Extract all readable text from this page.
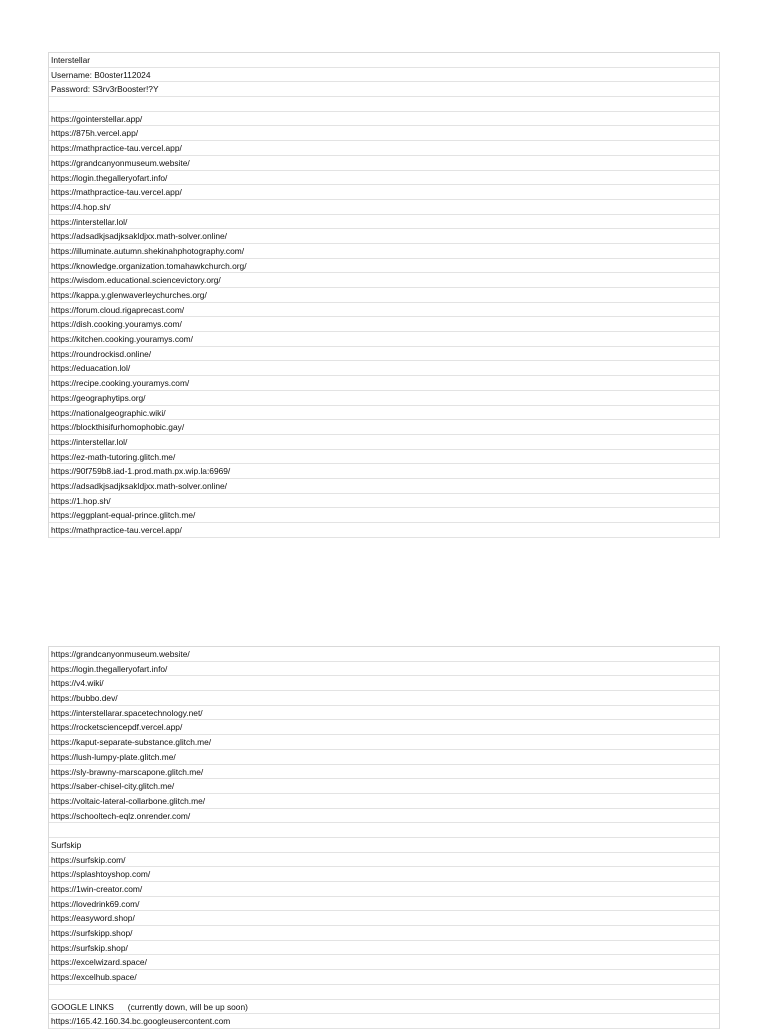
Interstellar
Username: B0oster112024
Password: S3rv3rBooster!?Y
https://gointerstellar.app/
https://875h.vercel.app/
https://mathpractice-tau.vercel.app/
https://grandcanyonmuseum.website/
https://login.thegalleryofart.info/
https://mathpractice-tau.vercel.app/
https://4.hop.sh/
https://interstellar.lol/
https://adsadkjsadjksakldjxx.math-solver.online/
https://illuminate.autumn.shekinahphotography.com/
https://knowledge.organization.tomahawkchurch.org/
https://wisdom.educational.sciencevictory.org/
https://kappa.y.glenwaverleychurches.org/
https://forum.cloud.rigaprecast.com/
https://dish.cooking.youramys.com/
https://kitchen.cooking.youramys.com/
https://roundrockisd.online/
https://eduacation.lol/
https://recipe.cooking.youramys.com/
https://geographytips.org/
https://nationalgeographic.wiki/
https://blockthisifurhomophobic.gay/
https://interstellar.lol/
https://ez-math-tutoring.glitch.me/
https://90f759b8.iad-1.prod.math.px.wip.la:6969/
https://adsadkjsadjksakldjxx.math-solver.online/
https://1.hop.sh/
https://eggplant-equal-prince.glitch.me/
https://mathpractice-tau.vercel.app/
https://grandcanyonmuseum.website/
https://login.thegalleryofart.info/
https://v4.wiki/
https://bubbo.dev/
https://interstellarar.spacetechnology.net/
https://rocketsciencepdf.vercel.app/
https://kaput-separate-substance.glitch.me/
https://lush-lumpy-plate.glitch.me/
https://sly-brawny-marscapone.glitch.me/
https://saber-chisel-city.glitch.me/
https://voltaic-lateral-collarbone.glitch.me/
https://schooltech-eqlz.onrender.com/
Surfskip
https://surfskip.com/
https://splashtoyshop.com/
https://1win-creator.com/
https://lovedrink69.com/
https://easyword.shop/
https://surfskipp.shop/
https://surfskip.shop/
https://excelwizard.space/
https://excelhub.space/
GOOGLE LINKS      (currently down, will be up soon)
https://165.42.160.34.bc.googleusercontent.com
